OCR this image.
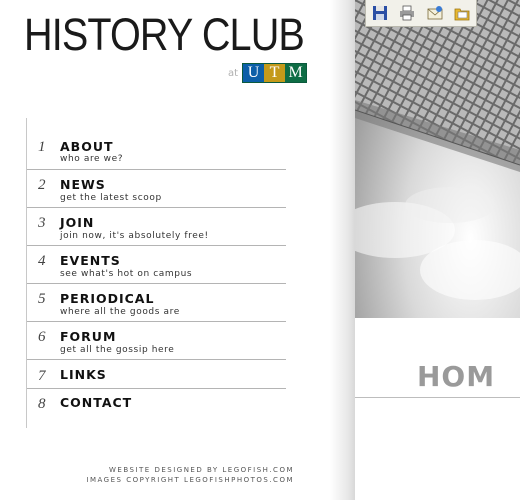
HISTORY CLUB
at U T M
1 ABOUT
who are we?
2 NEWS
get the latest scoop
3 JOIN
join now, it's absolutely free!
4 EVENTS
see what's hot on campus
5 PERIODICAL
where all the goods are
6 FORUM
get all the gossip here
7 LINKS
8 CONTACT
WEBSITE DESIGNED BY LEGOFISH.COM
IMAGES COPYRIGHT LEGOFISHPHOTOS.COM
HOM
